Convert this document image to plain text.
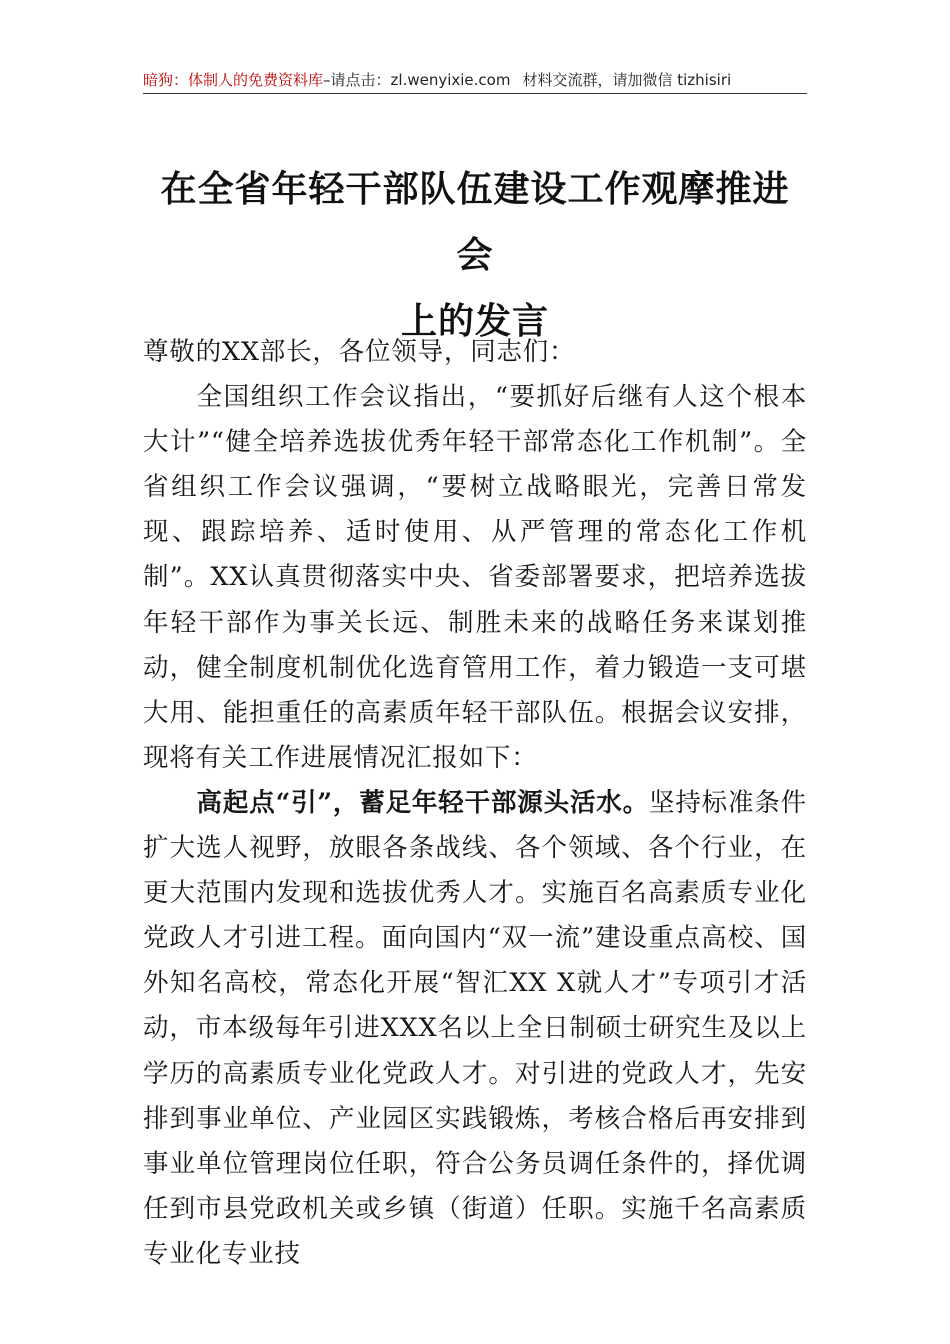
暗狗：体制人的免费资料库–请点击：zl.wenyixie.com 材料交流群，请加微信 tizhisiri
在全省年轻干部队伍建设工作观摩推进会
上的发言

尊敬的XX部长，各位领导，同志们：

全国组织工作会议指出，“要抓好后继有人这个根本大计”“健全培养选拔优秀年轻干部常态化工作机制”。全省组织工作会议强调，“要树立战略眼光，完善日常发现、跟踪培养、适时使用、从严管理的常态化工作机制”。XX认真贯彻落实中央、省委部署要求，把培养选拔年轻干部作为事关长远、制胜未来的战略任务来谋划推动，健全制度机制优化选育管用工作，着力锻造一支可堪大用、能担重任的高素质年轻干部队伍。根据会议安排，现将有关工作进展情况汇报如下：

高起点“引”，蓄足年轻干部源头活水。坚持标准条件扩大选人视野，放眼各条战线、各个领域、各个行业，在更大范围内发现和选拔优秀人才。实施百名高素质专业化党政人才引进工程。面向国内“双一流”建设重点高校、国外知名高校，常态化开展“智汇XX X就人才”专项引才活动，市本级每年引进XXX名以上全日制硕士研究生及以上学历的高素质专业化党政人才。对引进的党政人才，先安排到事业单位、产业园区实践锻炼，考核合格后再安排到事业单位管理岗位任职，符合公务员调任条件的，择优调任到市县党政机关或乡镇（街道）任职。实施千名高素质专业化专业技
